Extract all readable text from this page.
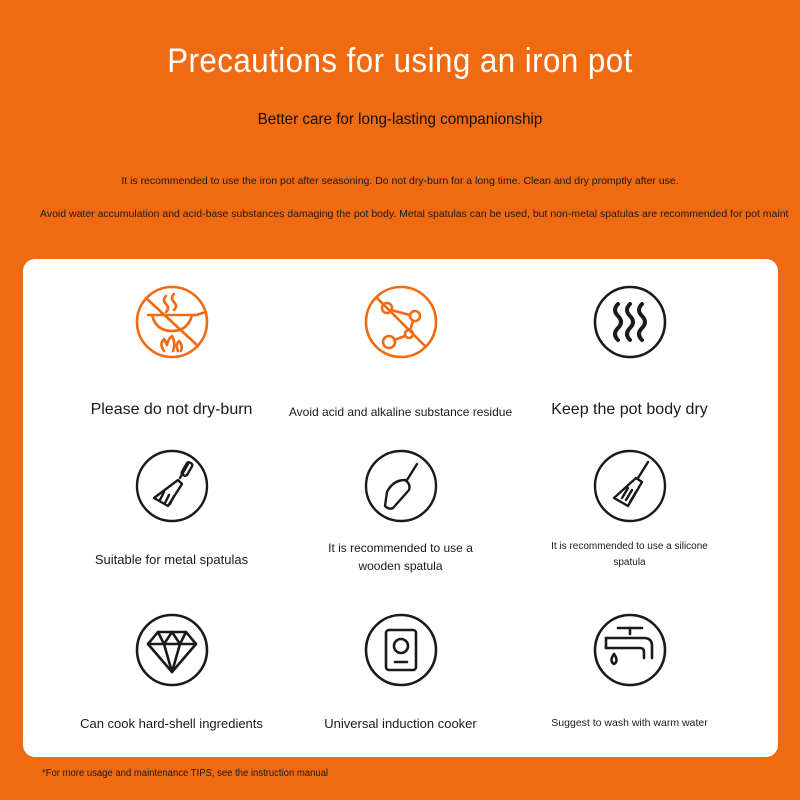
Precautions for using an iron pot
Better care for long-lasting companionship
It is recommended to use the iron pot after seasoning. Do not dry-burn for a long time. Clean and dry promptly after use.
Avoid water accumulation and acid-base substances damaging the pot body. Metal spatulas can be used, but non-metal spatulas are recommended for pot maint
Please do not dry-burn	Avoid acid and alkaline substance residue	Keep the pot body dry
Suitable for metal spatulas
It is recommended to use a wooden spatula
It is recommended to use a silicone spatula
Can cook hard-shell ingredients	Universal induction cooker	Suggest to wash with warm water
*For more usage and maintenance TIPS, see the instruction manual
